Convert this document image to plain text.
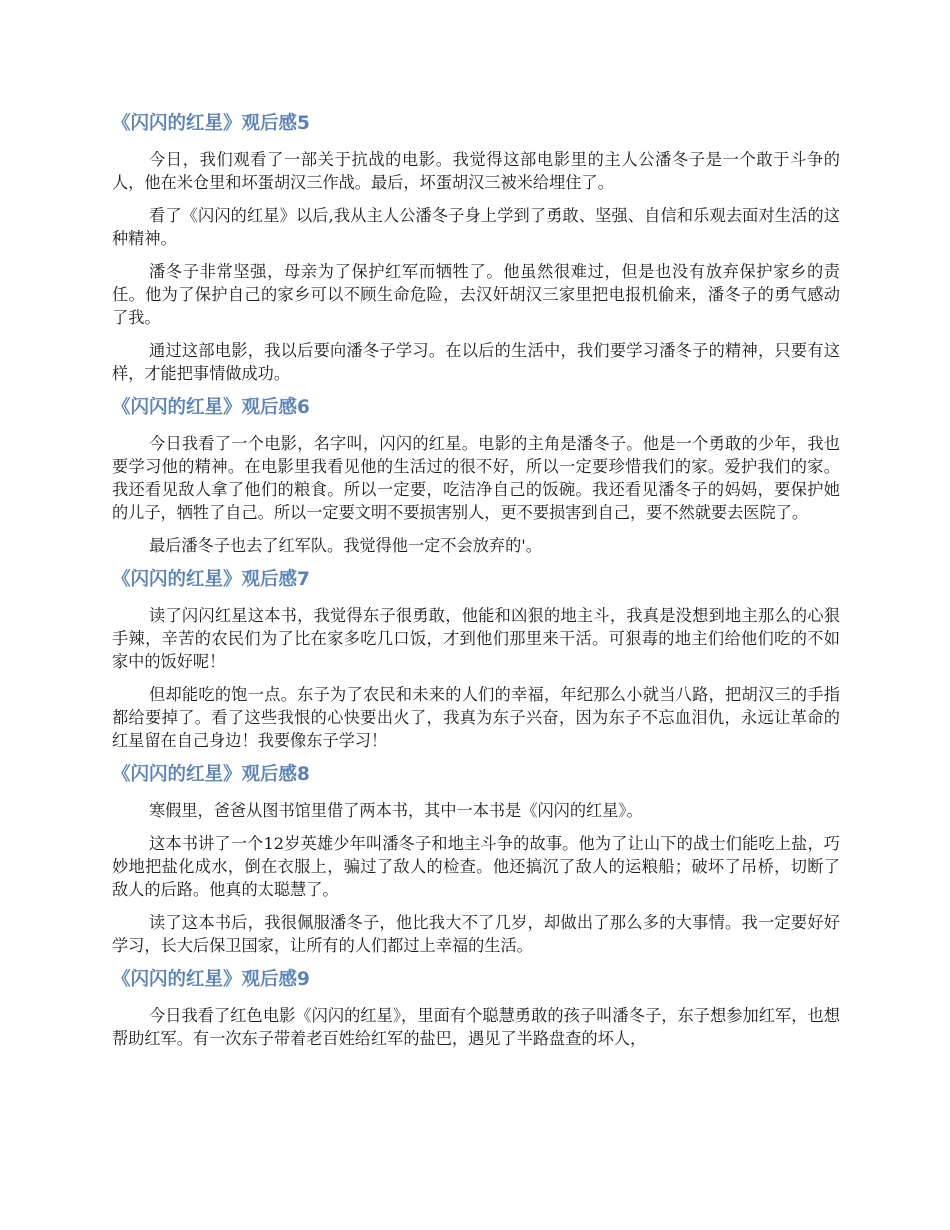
《闪闪的红星》观后感5

今日，我们观看了一部关于抗战的电影。我觉得这部电影里的主人公潘冬子是一个敢于斗争的人，他在米仓里和坏蛋胡汉三作战。最后，坏蛋胡汉三被米给埋住了。

看了《闪闪的红星》以后,我从主人公潘冬子身上学到了勇敢、坚强、自信和乐观去面对生活的这种精神。

潘冬子非常坚强，母亲为了保护红军而牺牲了。他虽然很难过，但是也没有放弃保护家乡的责任。他为了保护自己的家乡可以不顾生命危险，去汉奸胡汉三家里把电报机偷来，潘冬子的勇气感动了我。

通过这部电影，我以后要向潘冬子学习。在以后的生活中，我们要学习潘冬子的精神，只要有这样，才能把事情做成功。

《闪闪的红星》观后感6

今日我看了一个电影，名字叫，闪闪的红星。电影的主角是潘冬子。他是一个勇敢的少年，我也要学习他的精神。在电影里我看见他的生活过的很不好，所以一定要珍惜我们的家。爱护我们的家。我还看见敌人拿了他们的粮食。所以一定要，吃洁净自己的饭碗。我还看见潘冬子的妈妈，要保护她的儿子，牺牲了自己。所以一定要文明不要损害别人，更不要损害到自己，要不然就要去医院了。

最后潘冬子也去了红军队。我觉得他一定不会放弃的'。

《闪闪的红星》观后感7

读了闪闪红星这本书，我觉得东子很勇敢，他能和凶狠的地主斗，我真是没想到地主那么的心狠手辣，辛苦的农民们为了比在家多吃几口饭，才到他们那里来干活。可狠毒的地主们给他们吃的不如家中的饭好呢！

但却能吃的饱一点。东子为了农民和未来的人们的幸福，年纪那么小就当八路，把胡汉三的手指都给要掉了。看了这些我恨的心快要出火了，我真为东子兴奋，因为东子不忘血泪仇，永远让革命的红星留在自己身边！我要像东子学习！

《闪闪的红星》观后感8

寒假里，爸爸从图书馆里借了两本书，其中一本书是《闪闪的红星》。

这本书讲了一个12岁英雄少年叫潘冬子和地主斗争的故事。他为了让山下的战士们能吃上盐，巧妙地把盐化成水，倒在衣服上，骗过了敌人的检查。他还搞沉了敌人的运粮船；破坏了吊桥，切断了敌人的后路。他真的太聪慧了。

读了这本书后，我很佩服潘冬子，他比我大不了几岁，却做出了那么多的大事情。我一定要好好学习，长大后保卫国家，让所有的人们都过上幸福的生活。

《闪闪的红星》观后感9

今日我看了红色电影《闪闪的红星》，里面有个聪慧勇敢的孩子叫潘冬子，东子想参加红军，也想帮助红军。有一次东子带着老百姓给红军的盐巴，遇见了半路盘查的坏人，
